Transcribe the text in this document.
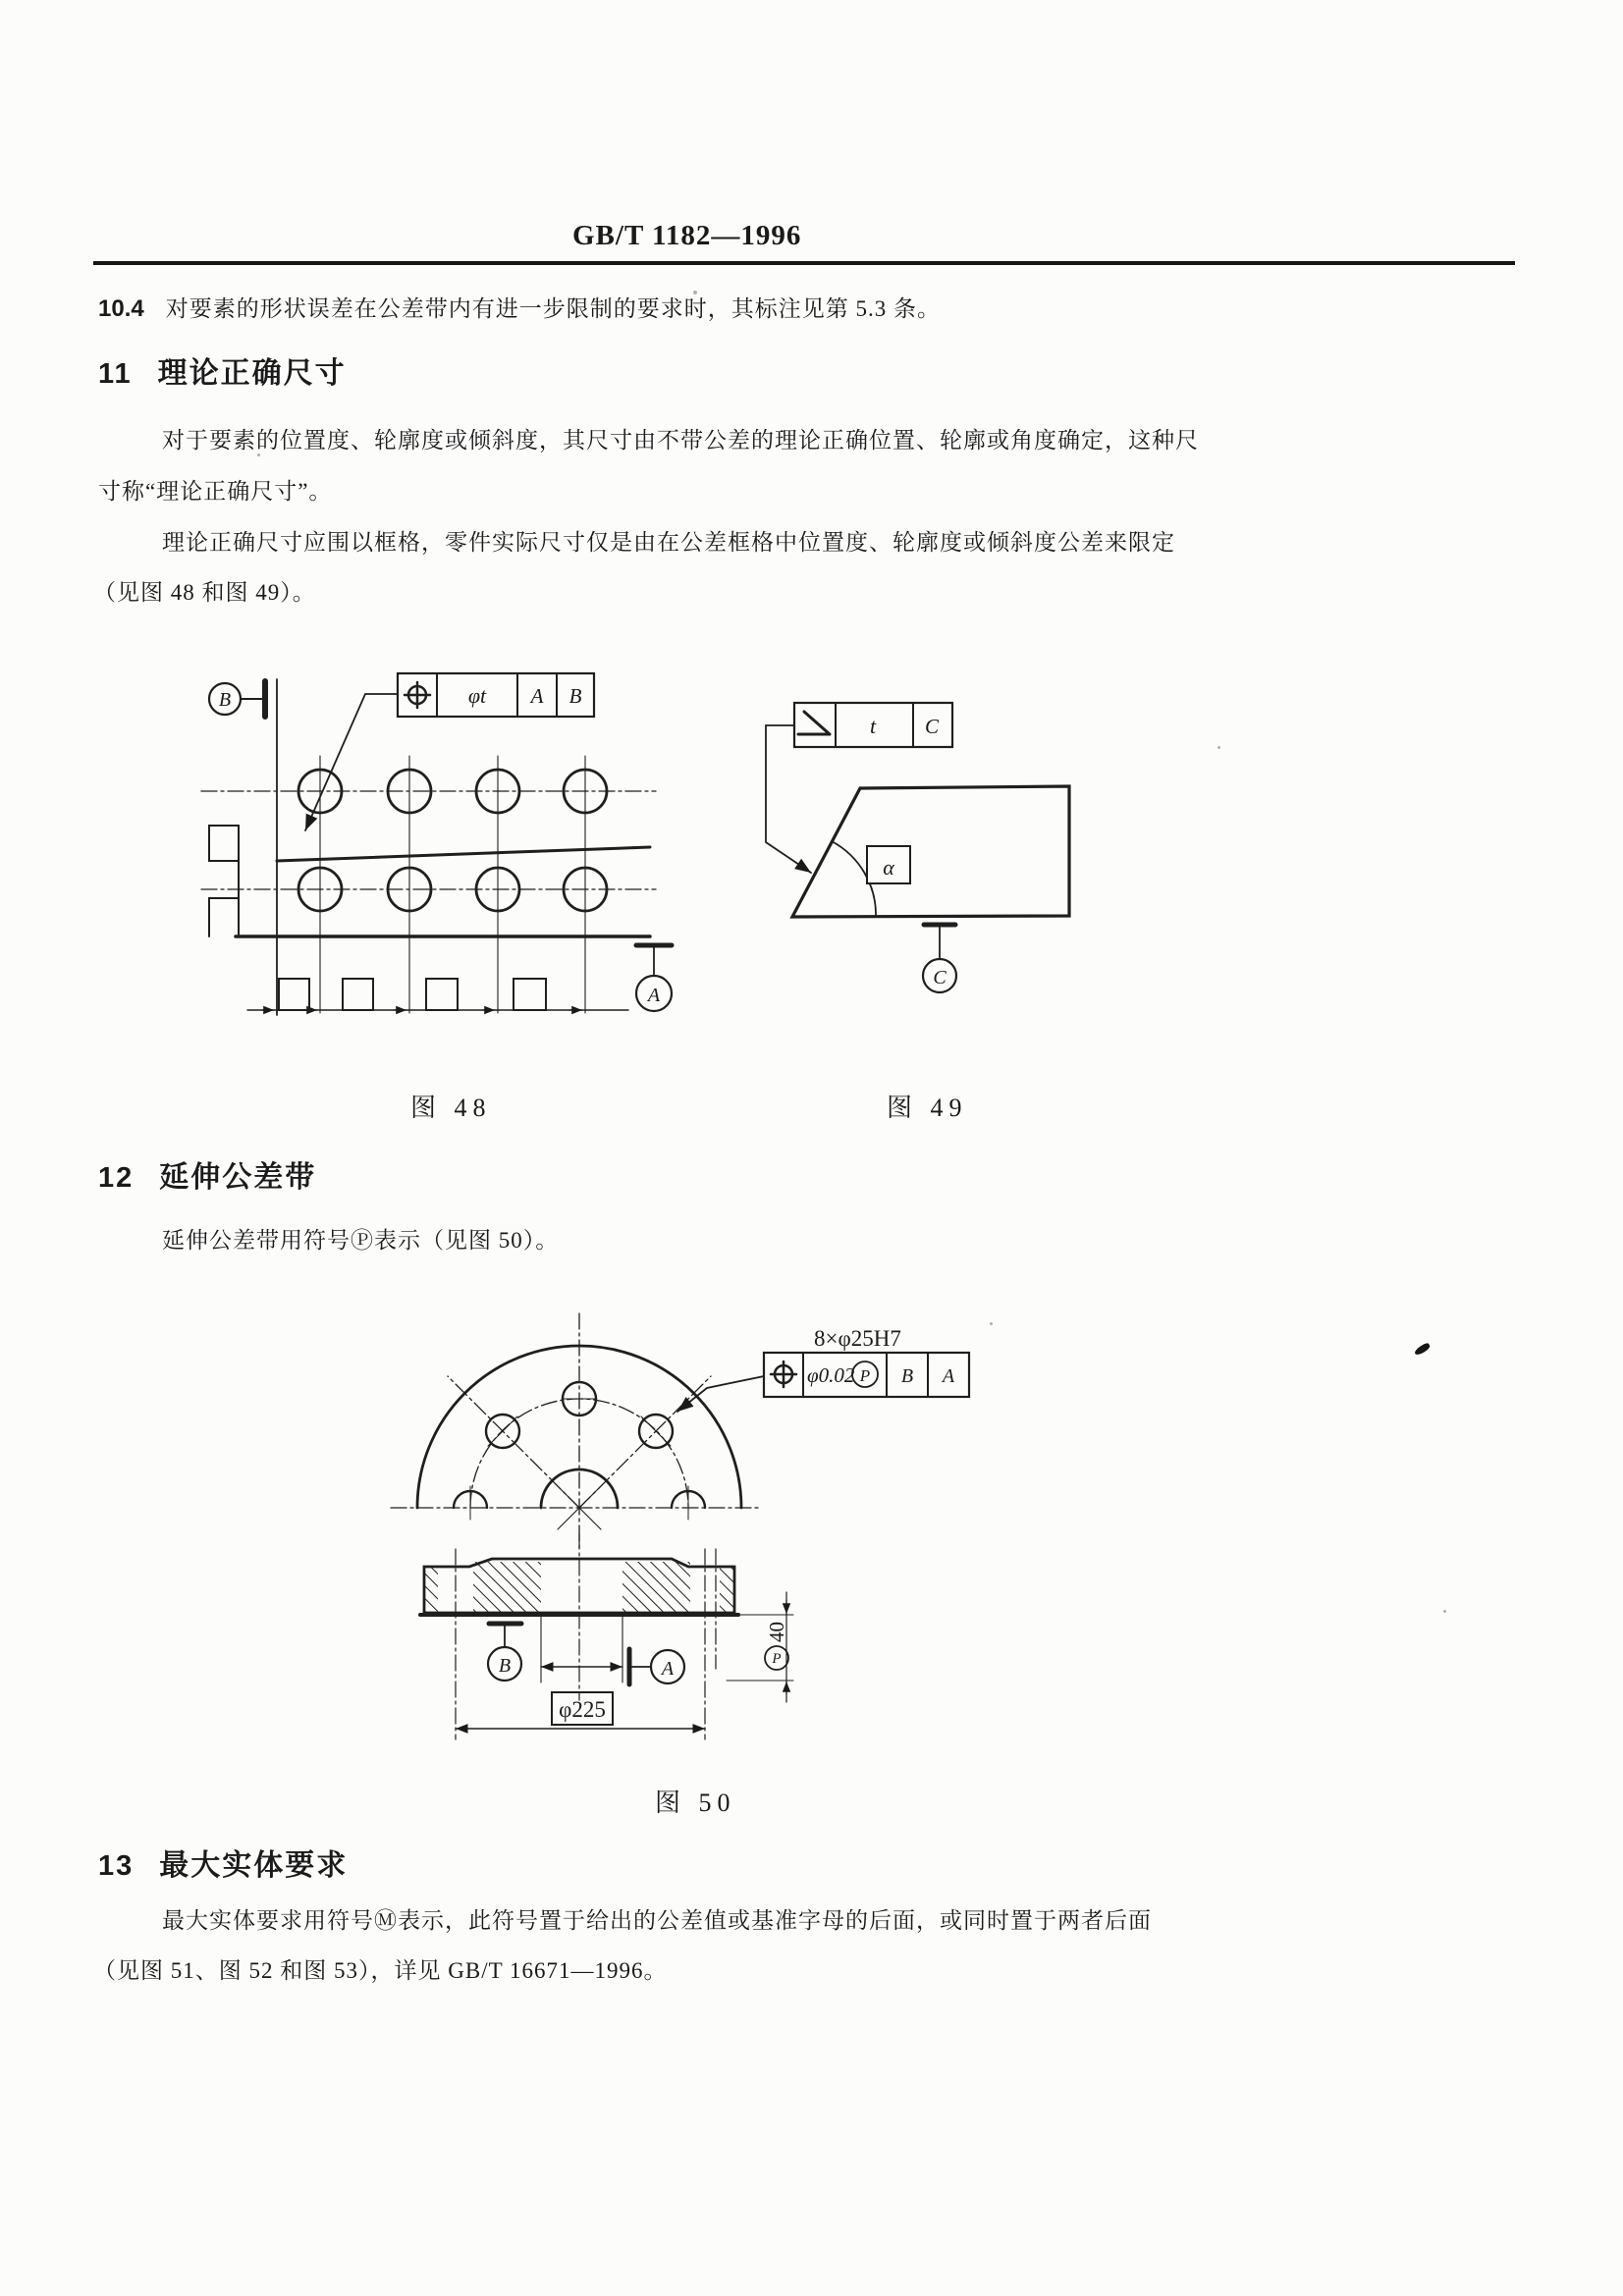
GB/T 1182—1996
10.4 对要素的形状误差在公差带内有进一步限制的要求时，其标注见第 5.3 条。
11 理论正确尺寸
对于要素的位置度、轮廓度或倾斜度，其尺寸由不带公差的理论正确位置、轮廓或角度确定，这种尺
寸称“理论正确尺寸”。
理论正确尺寸应围以框格，零件实际尺寸仅是由在公差框格中位置度、轮廓度或倾斜度公差来限定
（见图 48 和图 49）。
B	φt A B
A
图 48
t C
α
C
图 49
12 延伸公差带
延伸公差带用符号Ⓟ表示（见图 50）。
8×φ25H7
φ0.02 P B A
B	A
φ225
P
40
图 50
13 最大实体要求
最大实体要求用符号Ⓜ表示，此符号置于给出的公差值或基准字母的后面，或同时置于两者后面
（见图 51、图 52 和图 53），详见 GB/T 16671—1996。
